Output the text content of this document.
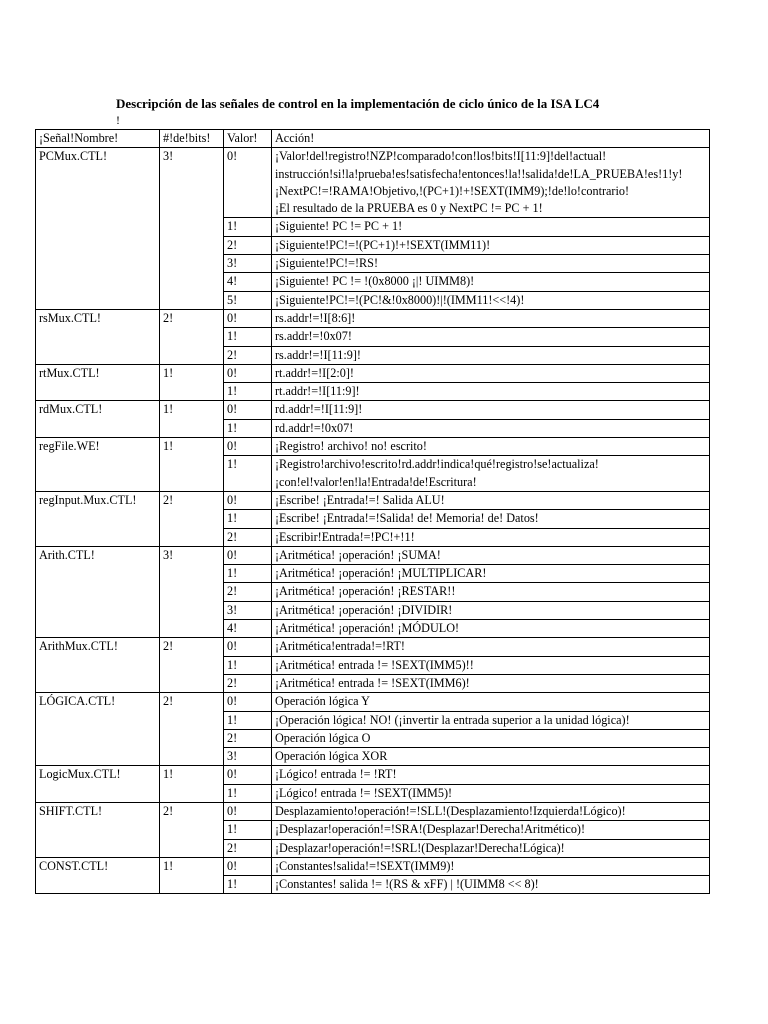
Descripción de las señales de control en la implementación de ciclo único de la ISA LC4
!
¡Señal!Nombre!	#!de!bits!	Valor!	Acción!
PCMux.CTL!	3!	0!	¡Valor!del!registro!NZP!comparado!con!los!bits!I[11:9]!del!actual!
instrucción!si!la!prueba!es!satisfecha!entonces!la!!salida!de!LA_PRUEBA!es!1!y!
¡NextPC!=!RAMA!Objetivo,!(PC+1)!+!SEXT(IMM9);!de!lo!contrario!
¡El resultado de la PRUEBA es 0 y NextPC != PC + 1!

		1!	¡Siguiente! PC != PC + 1!

		2!	¡Siguiente!PC!=!(PC+1)!+!SEXT(IMM11)!

		3!	¡Siguiente!PC!=!RS!

		4!	¡Siguiente! PC != !(0x8000 ¡|! UIMM8)!

		5!	¡Siguiente!PC!=!(PC!&!0x8000)!|!(IMM11!<<!4)!

rsMux.CTL!	2!	0!	rs.addr!=!I[8:6]!

		1!	rs.addr!=!0x07!

		2!	rs.addr!=!I[11:9]!

rtMux.CTL!	1!	0!	rt.addr!=!I[2:0]!

		1!	rt.addr!=!I[11:9]!

rdMux.CTL!	1!	0!	rd.addr!=!I[11:9]!

		1!	rd.addr!=!0x07!

regFile.WE!	1!	0!	¡Registro! archivo! no! escrito!

		1!	¡Registro!archivo!escrito!rd.addr!indica!qué!registro!se!actualiza!
¡con!el!valor!en!la!Entrada!de!Escritura!

regInput.Mux.CTL!	2!	0!	¡Escribe! ¡Entrada!=! Salida ALU!

		1!	¡Escribe! ¡Entrada!=!Salida! de! Memoria! de! Datos!

		2!	¡Escribir!Entrada!=!PC!+!1!

Arith.CTL!	3!	0!	¡Aritmética! ¡operación! ¡SUMA!

		1!	¡Aritmética! ¡operación! ¡MULTIPLICAR!

		2!	¡Aritmética! ¡operación! ¡RESTAR!!

		3!	¡Aritmética! ¡operación! ¡DIVIDIR!

		4!	¡Aritmética! ¡operación! ¡MÓDULO!

ArithMux.CTL!	2!	0!	¡Aritmética!entrada!=!RT!

		1!	¡Aritmética! entrada != !SEXT(IMM5)!!

		2!	¡Aritmética! entrada != !SEXT(IMM6)!

LÓGICA.CTL!	2!	0!	Operación lógica Y

		1!	¡Operación lógica! NO! (¡invertir la entrada superior a la unidad lógica)!

		2!	Operación lógica O

		3!	Operación lógica XOR

LogicMux.CTL!	1!	0!	¡Lógico! entrada != !RT!

		1!	¡Lógico! entrada != !SEXT(IMM5)!

SHIFT.CTL!	2!	0!	Desplazamiento!operación!=!SLL!(Desplazamiento!Izquierda!Lógico)!

		1!	¡Desplazar!operación!=!SRA!(Desplazar!Derecha!Aritmético)!

		2!	¡Desplazar!operación!=!SRL!(Desplazar!Derecha!Lógica)!

CONST.CTL!	1!	0!	¡Constantes!salida!=!SEXT(IMM9)!

		1!	¡Constantes! salida != !(RS & xFF) | !(UIMM8 << 8)!
